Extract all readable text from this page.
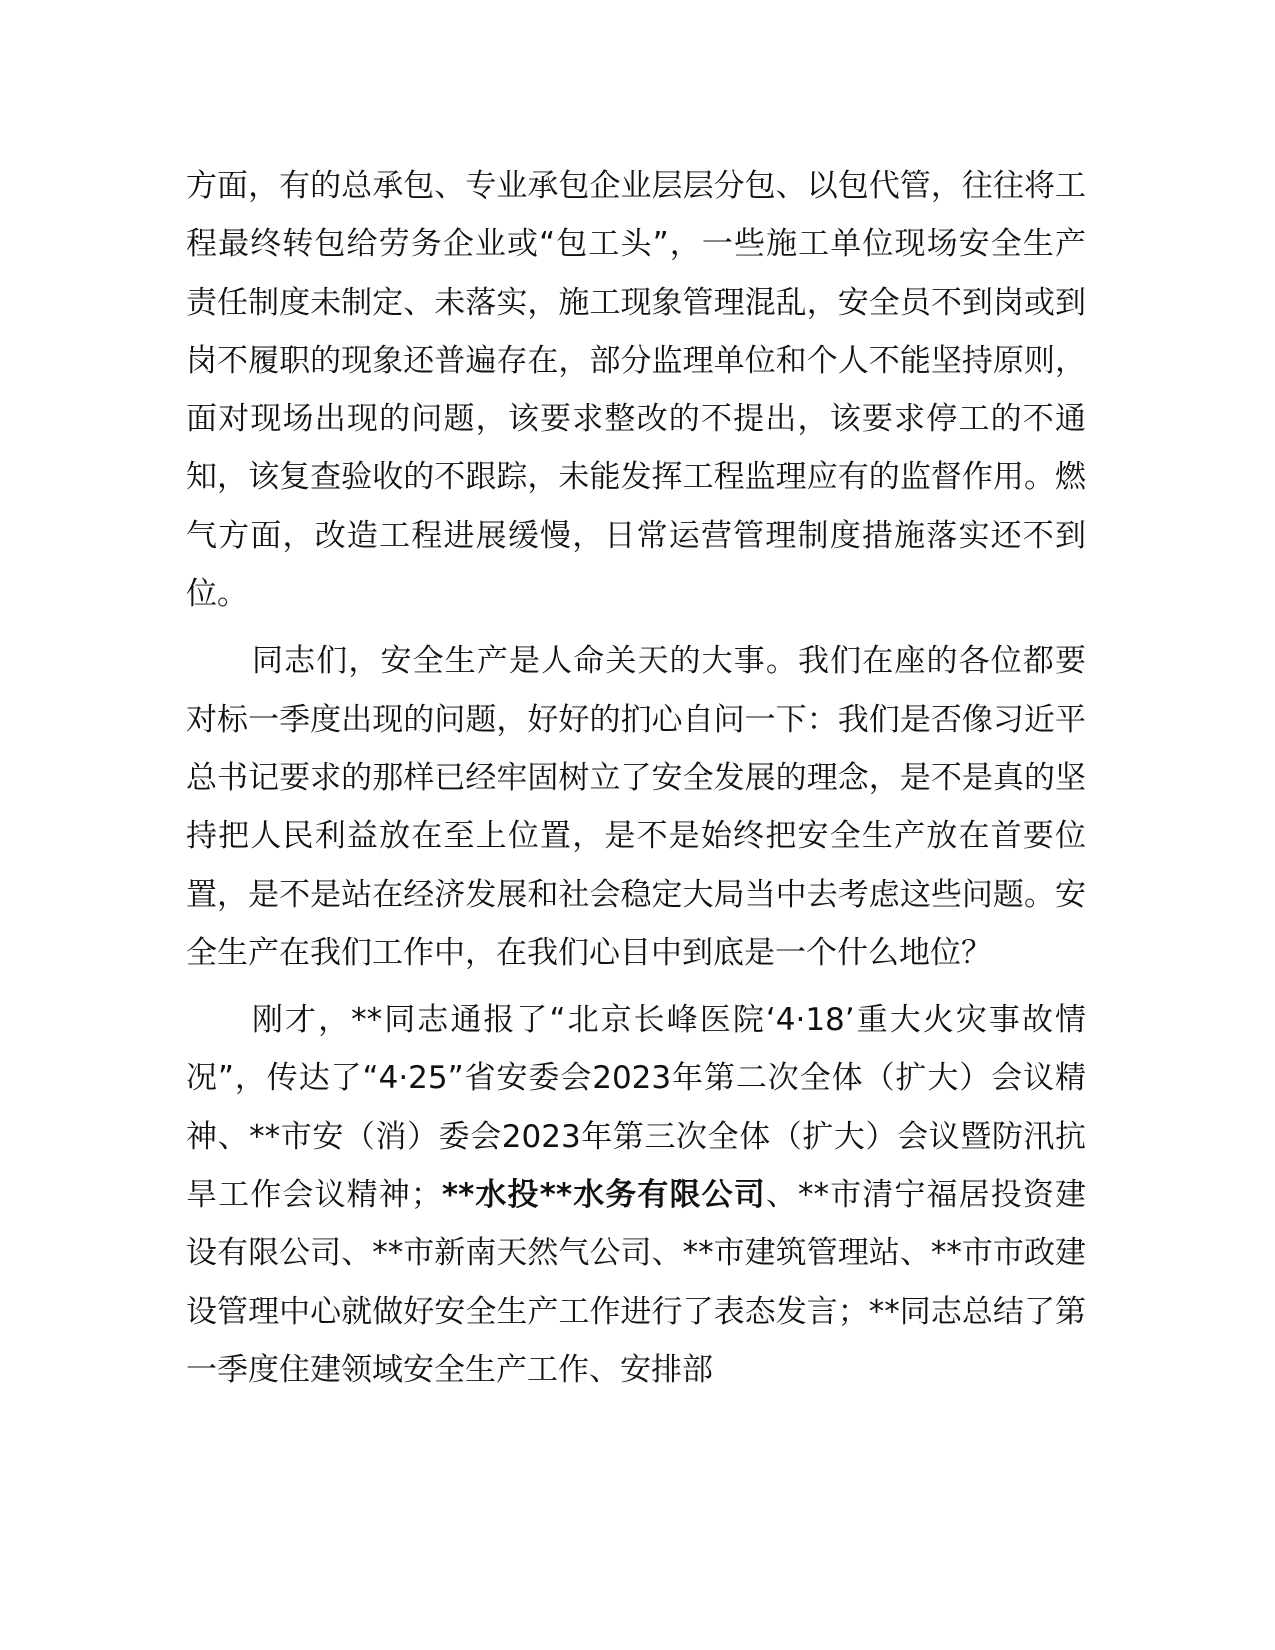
方面，有的总承包、专业承包企业层层分包、以包代管，往往将工程最终转包给劳务企业或“包工头”，一些施工单位现场安全生产责任制度未制定、未落实，施工现象管理混乱，安全员不到岗或到岗不履职的现象还普遍存在，部分监理单位和个人不能坚持原则，面对现场出现的问题，该要求整改的不提出，该要求停工的不通知，该复查验收的不跟踪，未能发挥工程监理应有的监督作用。燃气方面，改造工程进展缓慢，日常运营管理制度措施落实还不到位。

同志们，安全生产是人命关天的大事。我们在座的各位都要对标一季度出现的问题，好好的扪心自问一下：我们是否像习近平总书记要求的那样已经牢固树立了安全发展的理念，是不是真的坚持把人民利益放在至上位置，是不是始终把安全生产放在首要位置，是不是站在经济发展和社会稳定大局当中去考虑这些问题。安全生产在我们工作中，在我们心目中到底是一个什么地位？

刚才，**同志通报了“北京长峰医院‘4·18’重大火灾事故情况”，传达了“4·25”省安委会2023年第二次全体（扩大）会议精神、**市安（消）委会2023年第三次全体（扩大）会议暨防汛抗旱工作会议精神；**水投**水务有限公司、**市清宁福居投资建设有限公司、**市新南天然气公司、**市建筑管理站、**市市政建设管理中心就做好安全生产工作进行了表态发言；**同志总结了第一季度住建领域安全生产工作、安排部
